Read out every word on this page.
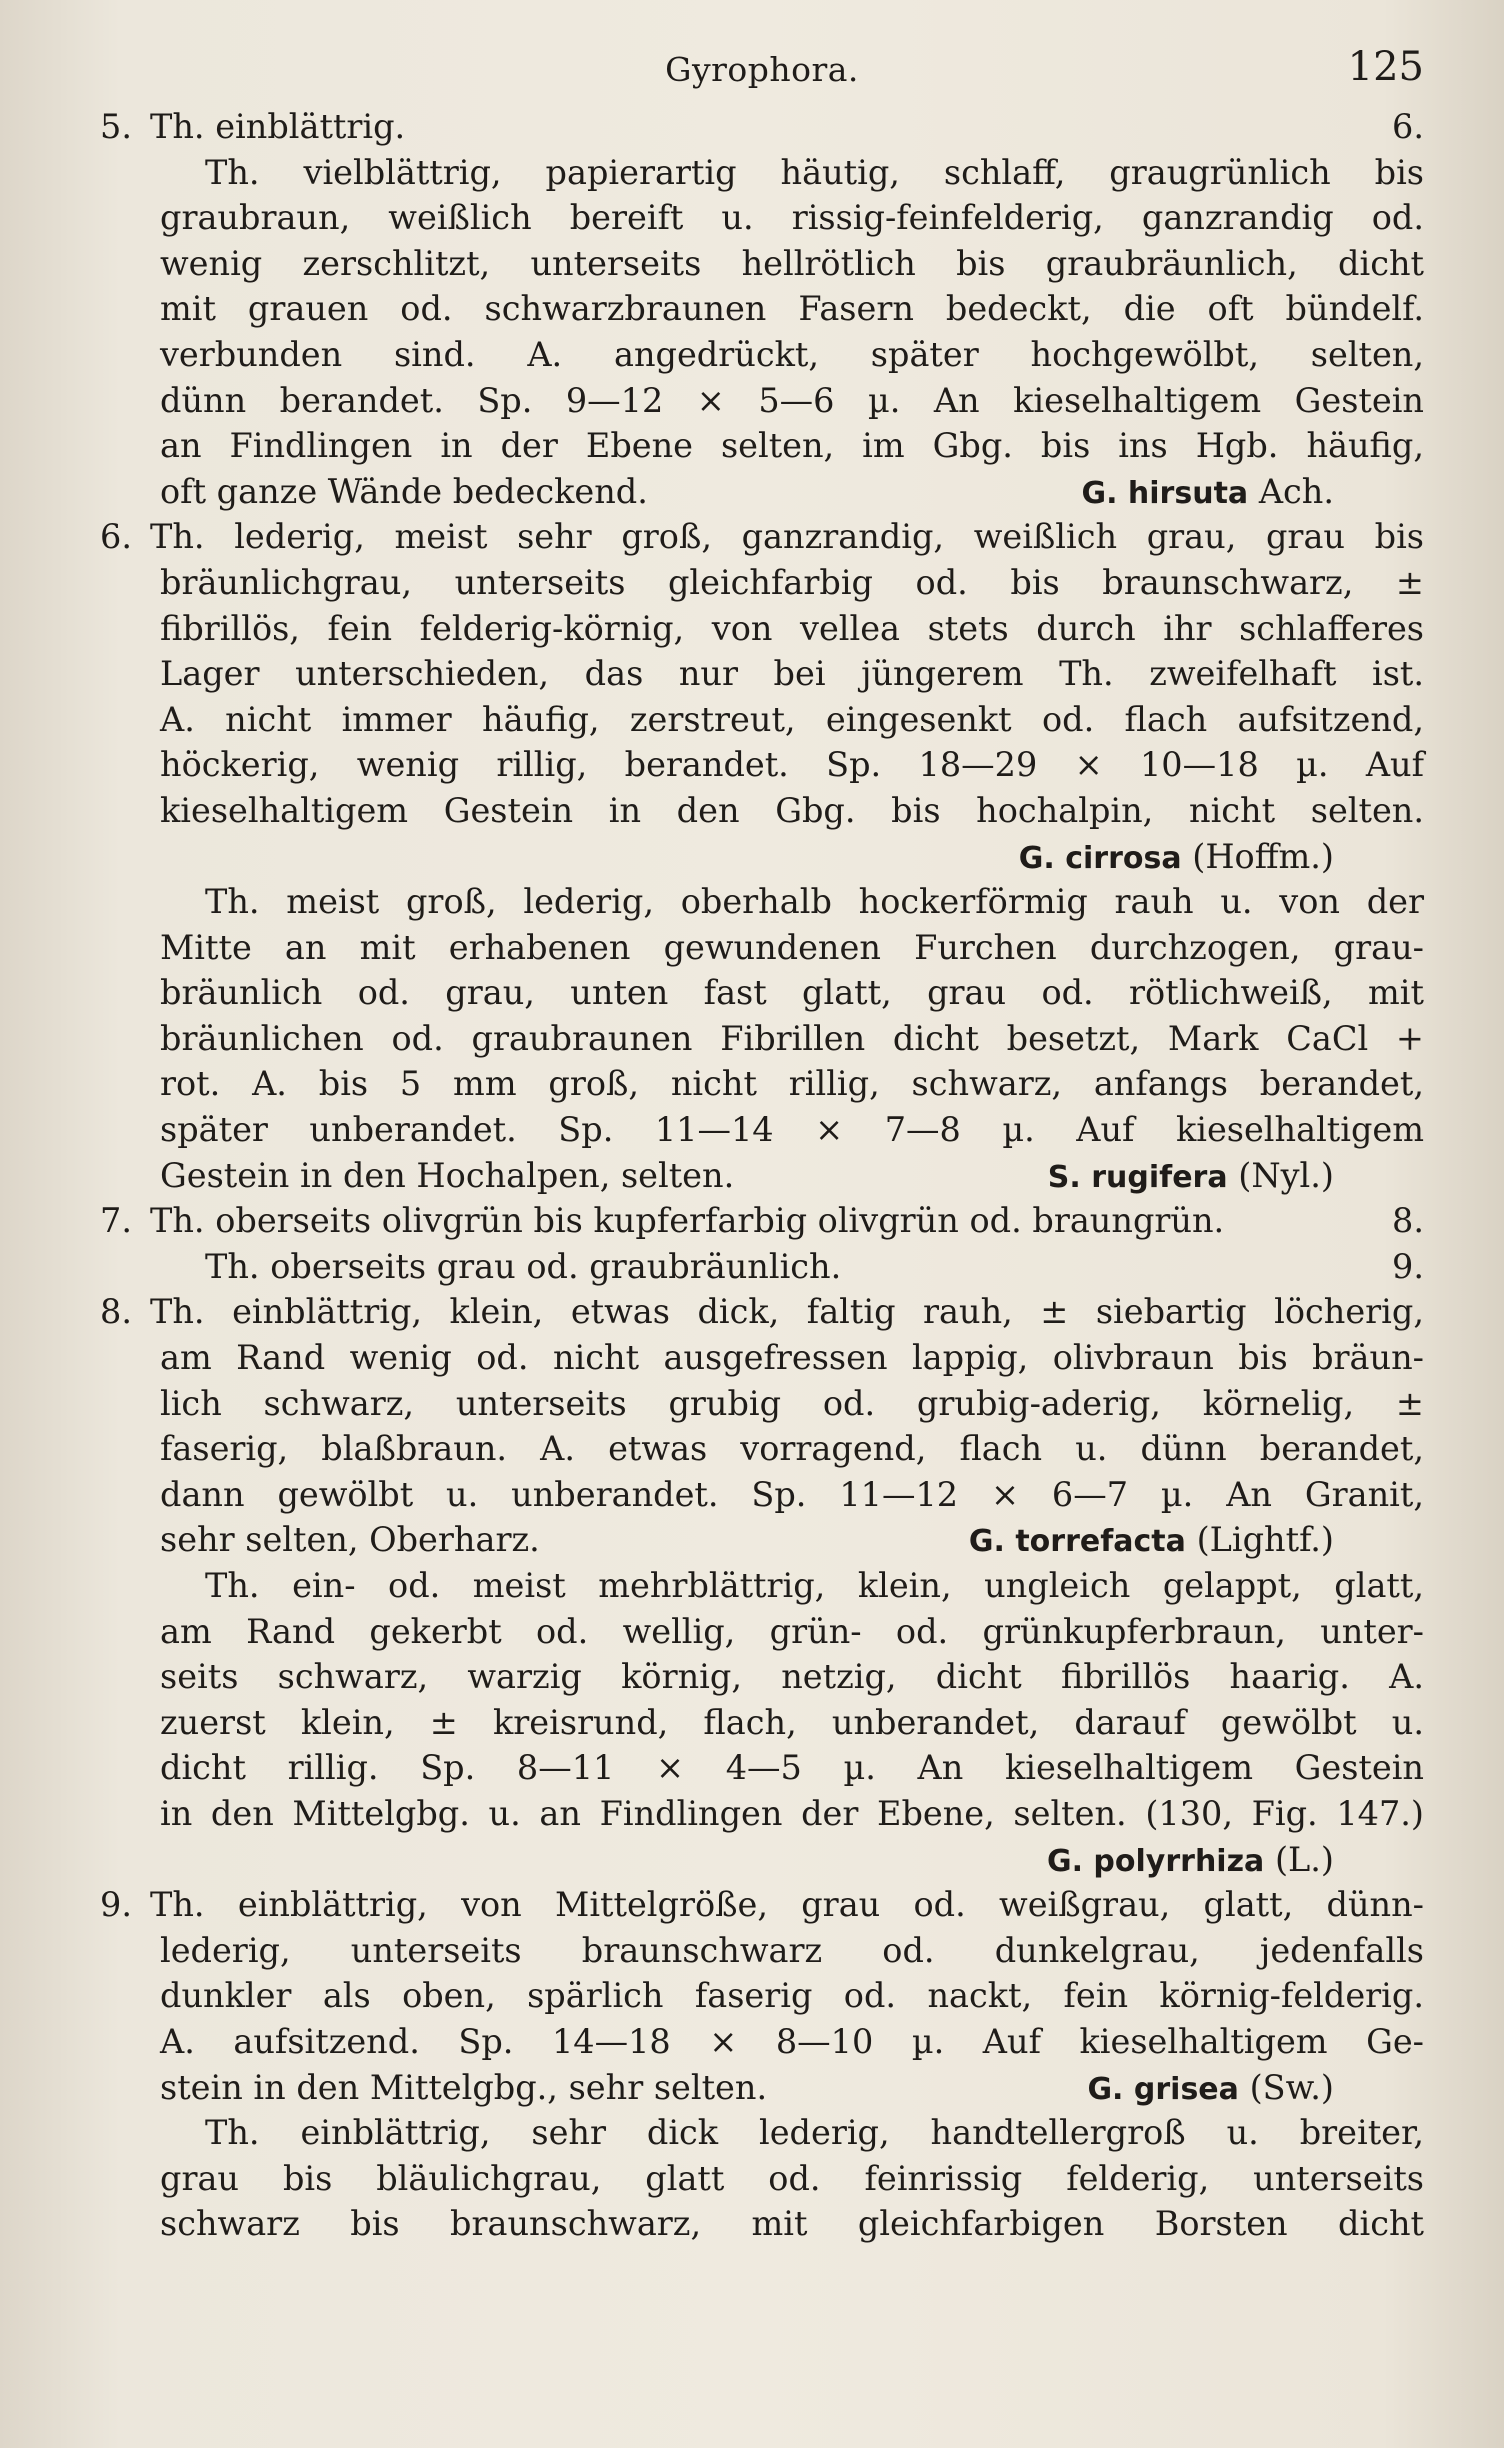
Gyrophora.	125
5. Th. einblättrig.	6.
Th. vielblättrig, papierartig häutig, schlaff, graugrünlich bis
graubraun, weißlich bereift u. rissig-feinfelderig, ganzrandig od.
wenig zerschlitzt, unterseits hellrötlich bis graubräunlich, dicht
mit grauen od. schwarzbraunen Fasern bedeckt, die oft bündelf.
verbunden sind. A. angedrückt, später hochgewölbt, selten,
dünn berandet. Sp. 9—12 × 5—6 µ. An kieselhaltigem Gestein
an Findlingen in der Ebene selten, im Gbg. bis ins Hgb. häufig,
oft ganze Wände bedeckend.	G. hirsuta Ach.
6. Th. lederig, meist sehr groß, ganzrandig, weißlich grau, grau bis
bräunlichgrau, unterseits gleichfarbig od. bis braunschwarz, ±
fibrillös, fein felderig-körnig, von vellea stets durch ihr schlafferes
Lager unterschieden, das nur bei jüngerem Th. zweifelhaft ist.
A. nicht immer häufig, zerstreut, eingesenkt od. flach aufsitzend,
höckerig, wenig rillig, berandet. Sp. 18—29 × 10—18 µ. Auf
kieselhaltigem Gestein in den Gbg. bis hochalpin, nicht selten.
G. cirrosa (Hoffm.)
Th. meist groß, lederig, oberhalb hockerförmig rauh u. von der
Mitte an mit erhabenen gewundenen Furchen durchzogen, grau-
bräunlich od. grau, unten fast glatt, grau od. rötlichweiß, mit
bräunlichen od. graubraunen Fibrillen dicht besetzt, Mark CaCl +
rot. A. bis 5 mm groß, nicht rillig, schwarz, anfangs berandet,
später unberandet. Sp. 11—14 × 7—8 µ. Auf kieselhaltigem
Gestein in den Hochalpen, selten.	S. rugifera (Nyl.)
7. Th. oberseits olivgrün bis kupferfarbig olivgrün od. braungrün.	8.
Th. oberseits grau od. graubräunlich.	9.
8. Th. einblättrig, klein, etwas dick, faltig rauh, ± siebartig löcherig,
am Rand wenig od. nicht ausgefressen lappig, olivbraun bis bräun-
lich schwarz, unterseits grubig od. grubig-aderig, körnelig, ±
faserig, blaßbraun. A. etwas vorragend, flach u. dünn berandet,
dann gewölbt u. unberandet. Sp. 11—12 × 6—7 µ. An Granit,
sehr selten, Oberharz.	G. torrefacta (Lightf.)
Th. ein- od. meist mehrblättrig, klein, ungleich gelappt, glatt,
am Rand gekerbt od. wellig, grün- od. grünkupferbraun, unter-
seits schwarz, warzig körnig, netzig, dicht fibrillös haarig. A.
zuerst klein, ± kreisrund, flach, unberandet, darauf gewölbt u.
dicht rillig. Sp. 8—11 × 4—5 µ. An kieselhaltigem Gestein
in den Mittelgbg. u. an Findlingen der Ebene, selten. (130, Fig. 147.)
G. polyrrhiza (L.)
9. Th. einblättrig, von Mittelgröße, grau od. weißgrau, glatt, dünn-
lederig, unterseits braunschwarz od. dunkelgrau, jedenfalls
dunkler als oben, spärlich faserig od. nackt, fein körnig-felderig.
A. aufsitzend. Sp. 14—18 × 8—10 µ. Auf kieselhaltigem Ge-
stein in den Mittelgbg., sehr selten.	G. grisea (Sw.)
Th. einblättrig, sehr dick lederig, handtellergroß u. breiter,
grau bis bläulichgrau, glatt od. feinrissig felderig, unterseits
schwarz bis braunschwarz, mit gleichfarbigen Borsten dicht
